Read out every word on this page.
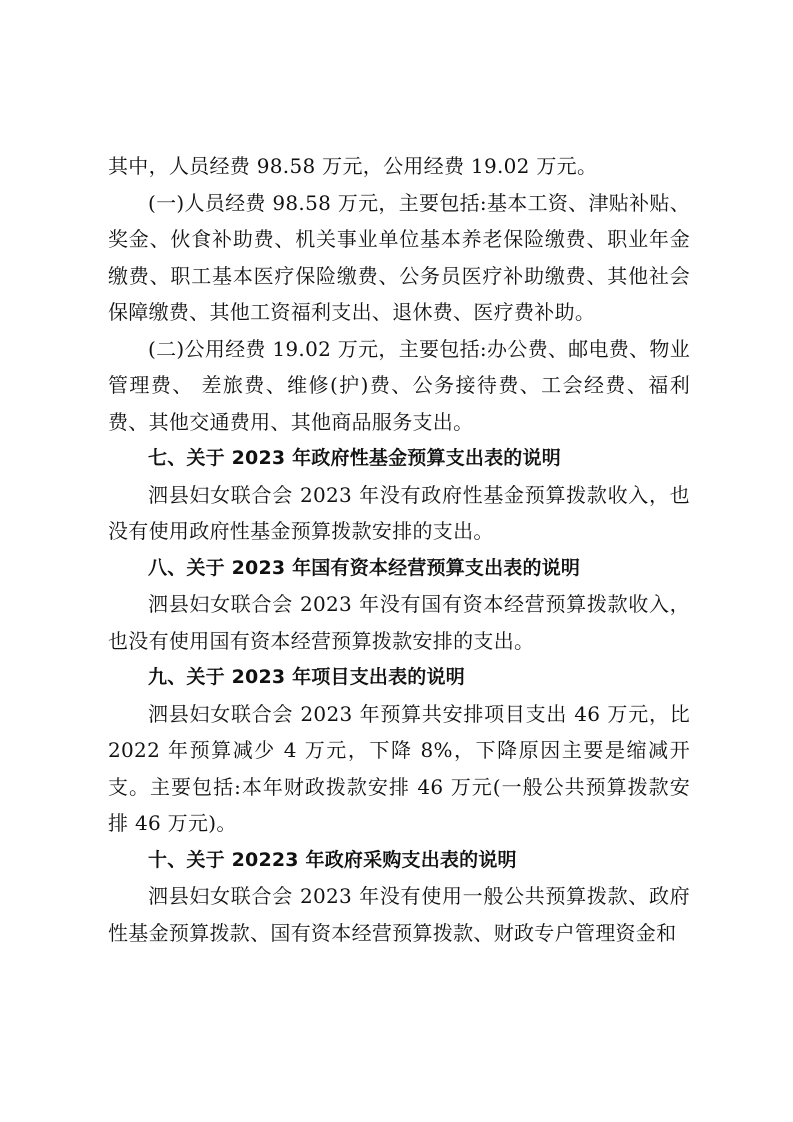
其中，人员经费 98.58 万元，公用经费 19.02 万元。

(一)人员经费 98.58 万元，主要包括:基本工资、津贴补贴、奖金、伙食补助费、机关事业单位基本养老保险缴费、职业年金缴费、职工基本医疗保险缴费、公务员医疗补助缴费、其他社会保障缴费、其他工资福利支出、退休费、医疗费补助。

(二)公用经费 19.02 万元，主要包括:办公费、邮电费、物业管理费、 差旅费、维修(护)费、公务接待费、工会经费、福利费、其他交通费用、其他商品服务支出。

七、关于 2023 年政府性基金预算支出表的说明

泗县妇女联合会 2023 年没有政府性基金预算拨款收入，也没有使用政府性基金预算拨款安排的支出。

八、关于 2023 年国有资本经营预算支出表的说明

泗县妇女联合会 2023 年没有国有资本经营预算拨款收入，也没有使用国有资本经营预算拨款安排的支出。

九、关于 2023 年项目支出表的说明

泗县妇女联合会 2023 年预算共安排项目支出 46 万元，比 2022 年预算减少 4 万元，下降 8%，下降原因主要是缩减开支。主要包括:本年财政拨款安排 46 万元(一般公共预算拨款安排 46 万元)。

十、关于 20223 年政府采购支出表的说明

泗县妇女联合会 2023 年没有使用一般公共预算拨款、政府性基金预算拨款、国有资本经营预算拨款、财政专户管理资金和
